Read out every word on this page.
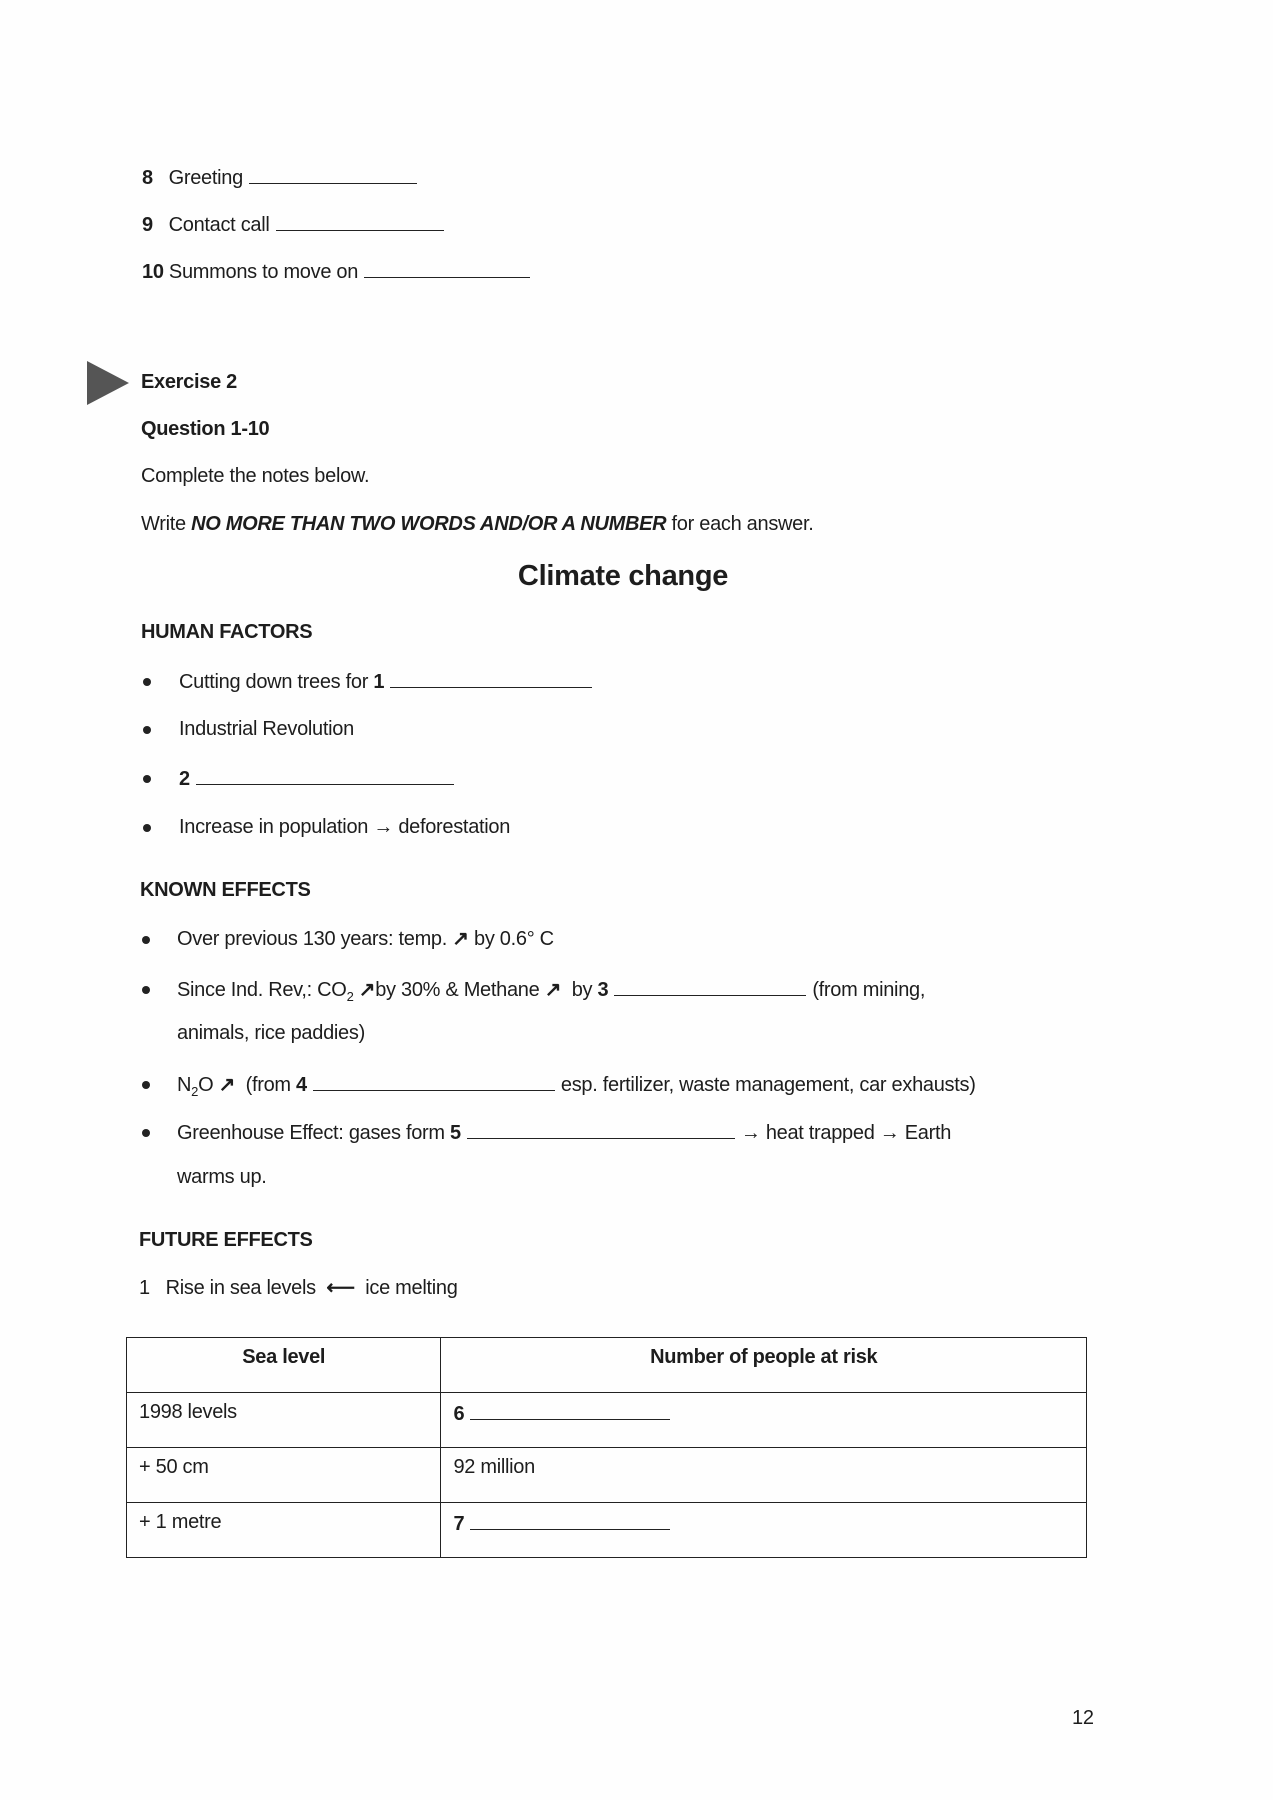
8 Greeting
9 Contact call
10 Summons to move on
Exercise 2
Question 1-10
Complete the notes below.
Write NO MORE THAN TWO WORDS AND/OR A NUMBER for each answer.
Climate change
HUMAN FACTORS
Cutting down trees for 1
Industrial Revolution
2
Increase in population → deforestation
KNOWN EFFECTS
Over previous 130 years: temp. ↗ by 0.6° C
Since Ind. Rev,: $CO_2$ ↗by 30% & Methane ↗ by 3	(from mining,
animals, rice paddies)
$N_2O$ ↗ (from 4	esp. fertilizer, waste management, car exhausts)
Greenhouse Effect: gases form 5	→ heat trapped → Earth
warms up.
FUTURE EFFECTS
1 Rise in sea levels ⟵ ice melting
Sea level	Number of people at risk
1998 levels	6
+ 50 cm	92 million
+ 1 metre	7
12
